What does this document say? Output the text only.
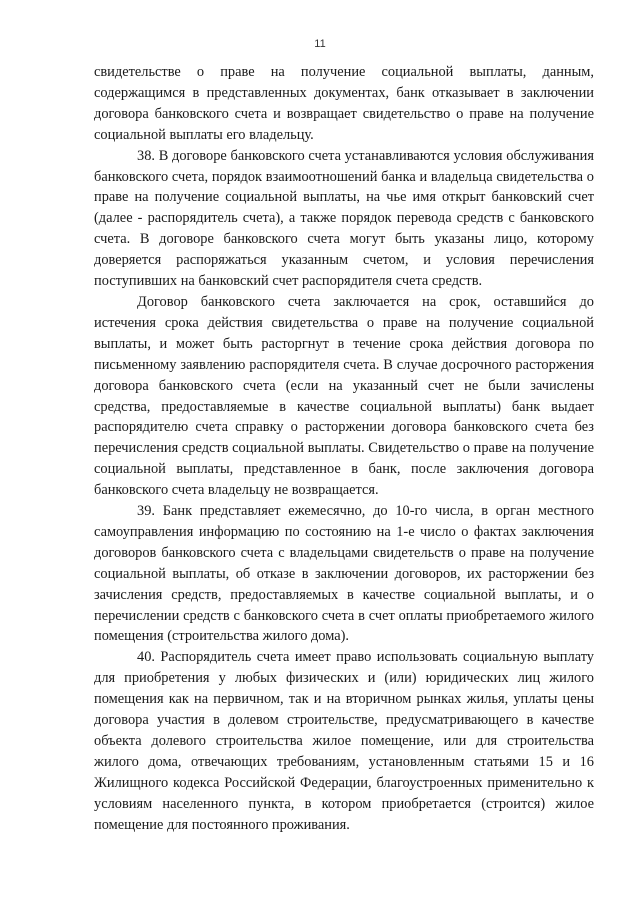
11

свидетельстве о праве на получение социальной выплаты, данным, содержащимся в представленных документах, банк отказывает в заключении договора банковского счета и возвращает свидетельство о праве на получение социальной выплаты его владельцу.

38. В договоре банковского счета устанавливаются условия обслуживания банковского счета, порядок взаимоотношений банка и владельца свидетельства о праве на получение социальной выплаты, на чье имя открыт банковский счет (далее - распорядитель счета), а также порядок перевода средств с банковского счета. В договоре банковского счета могут быть указаны лицо, которому доверяется распоряжаться указанным счетом, и условия перечисления поступивших на банковский счет распорядителя счета средств.

Договор банковского счета заключается на срок, оставшийся до истечения срока действия свидетельства о праве на получение социальной выплаты, и может быть расторгнут в течение срока действия договора по письменному заявлению распорядителя счета. В случае досрочного расторжения договора банковского счета (если на указанный счет не были зачислены средства, предоставляемые в качестве социальной выплаты) банк выдает распорядителю счета справку о расторжении договора банковского счета без перечисления средств социальной выплаты. Свидетельство о праве на получение социальной выплаты, представленное в банк, после заключения договора банковского счета владельцу не возвращается.

39. Банк представляет ежемесячно, до 10-го числа, в орган местного самоуправления информацию по состоянию на 1-е число о фактах заключения договоров банковского счета с владельцами свидетельств о праве на получение социальной выплаты, об отказе в заключении договоров, их расторжении без зачисления средств, предоставляемых в качестве социальной выплаты, и о перечислении средств с банковского счета в счет оплаты приобретаемого жилого помещения (строительства жилого дома).

40. Распорядитель счета имеет право использовать социальную выплату для приобретения у любых физических и (или) юридических лиц жилого помещения как на первичном, так и на вторичном рынках жилья, уплаты цены договора участия в долевом строительстве, предусматривающего в качестве объекта долевого строительства жилое помещение, или для строительства жилого дома, отвечающих требованиям, установленным статьями 15 и 16 Жилищного кодекса Российской Федерации, благоустроенных применительно к условиям населенного пункта, в котором приобретается (строится) жилое помещение для постоянного проживания.
